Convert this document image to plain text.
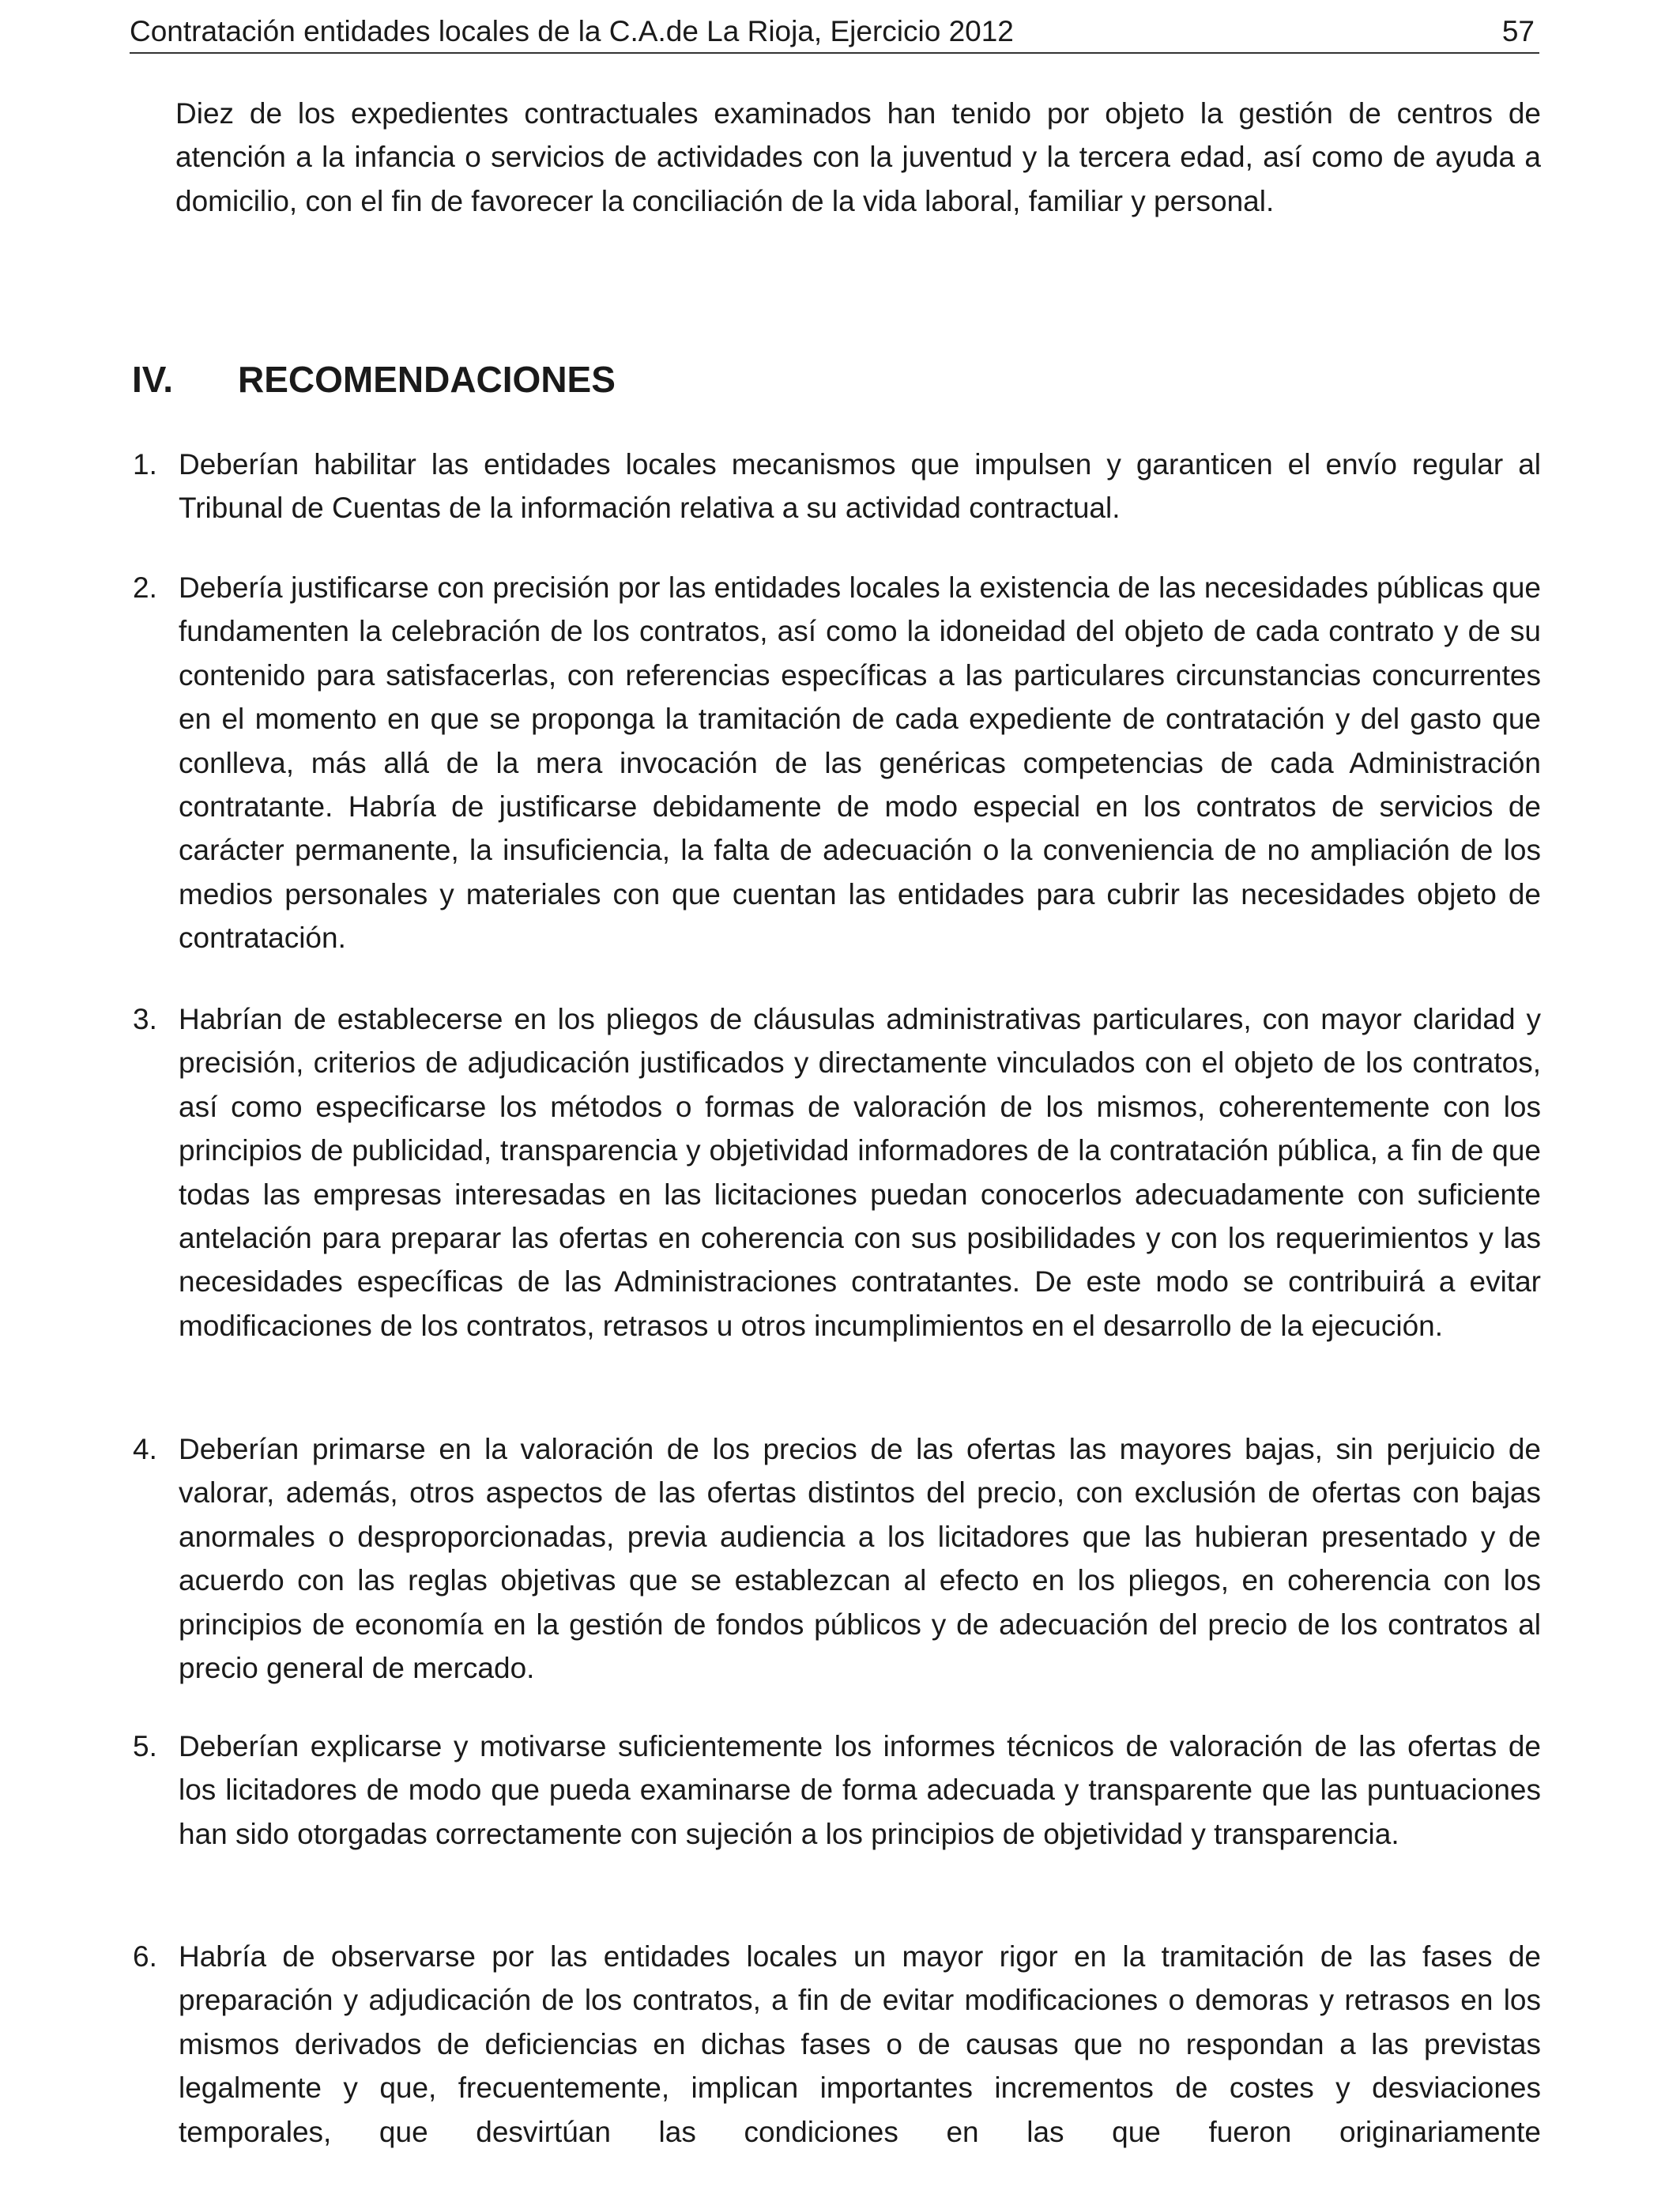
Contratación entidades locales de la C.A.de La Rioja, Ejercicio 2012	57

Diez de los expedientes contractuales examinados han tenido por objeto la gestión de centros de atención a la infancia o servicios de actividades con la juventud y la tercera edad, así como de ayuda a domicilio, con el fin de favorecer la conciliación de la vida laboral, familiar y personal.

IV. RECOMENDACIONES
1. Deberían habilitar las entidades locales mecanismos que impulsen y garanticen el envío regular al Tribunal de Cuentas de la información relativa a su actividad contractual.
2. Debería justificarse con precisión por las entidades locales la existencia de las necesidades públicas que fundamenten la celebración de los contratos, así como la idoneidad del objeto de cada contrato y de su contenido para satisfacerlas, con referencias específicas a las particulares circunstancias concurrentes en el momento en que se proponga la tramitación de cada expediente de contratación y del gasto que conlleva, más allá de la mera invocación de las genéricas competencias de cada Administración contratante. Habría de justificarse debidamente de modo especial en los contratos de servicios de carácter permanente, la insuficiencia, la falta de adecuación o la conveniencia de no ampliación de los medios personales y materiales con que cuentan las entidades para cubrir las necesidades objeto de contratación.
3. Habrían de establecerse en los pliegos de cláusulas administrativas particulares, con mayor claridad y precisión, criterios de adjudicación justificados y directamente vinculados con el objeto de los contratos, así como especificarse los métodos o formas de valoración de los mismos, coherentemente con los principios de publicidad, transparencia y objetividad informadores de la contratación pública, a fin de que todas las empresas interesadas en las licitaciones puedan conocerlos adecuadamente con suficiente antelación para preparar las ofertas en coherencia con sus posibilidades y con los requerimientos y las necesidades específicas de las Administraciones contratantes. De este modo se contribuirá a evitar modificaciones de los contratos, retrasos u otros incumplimientos en el desarrollo de la ejecución.
4. Deberían primarse en la valoración de los precios de las ofertas las mayores bajas, sin perjuicio de valorar, además, otros aspectos de las ofertas distintos del precio, con exclusión de ofertas con bajas anormales o desproporcionadas, previa audiencia a los licitadores que las hubieran presentado y de acuerdo con las reglas objetivas que se establezcan al efecto en los pliegos, en coherencia con los principios de economía en la gestión de fondos públicos y de adecuación del precio de los contratos al precio general de mercado.
5. Deberían explicarse y motivarse suficientemente los informes técnicos de valoración de las ofertas de los licitadores de modo que pueda examinarse de forma adecuada y transparente que las puntuaciones han sido otorgadas correctamente con sujeción a los principios de objetividad y transparencia.
6. Habría de observarse por las entidades locales un mayor rigor en la tramitación de las fases de preparación y adjudicación de los contratos, a fin de evitar modificaciones o demoras y retrasos en los mismos derivados de deficiencias en dichas fases o de causas que no respondan a las previstas legalmente y que, frecuentemente, implican importantes incrementos de costes y desviaciones temporales, que desvirtúan las condiciones en las que fueron originariamente
